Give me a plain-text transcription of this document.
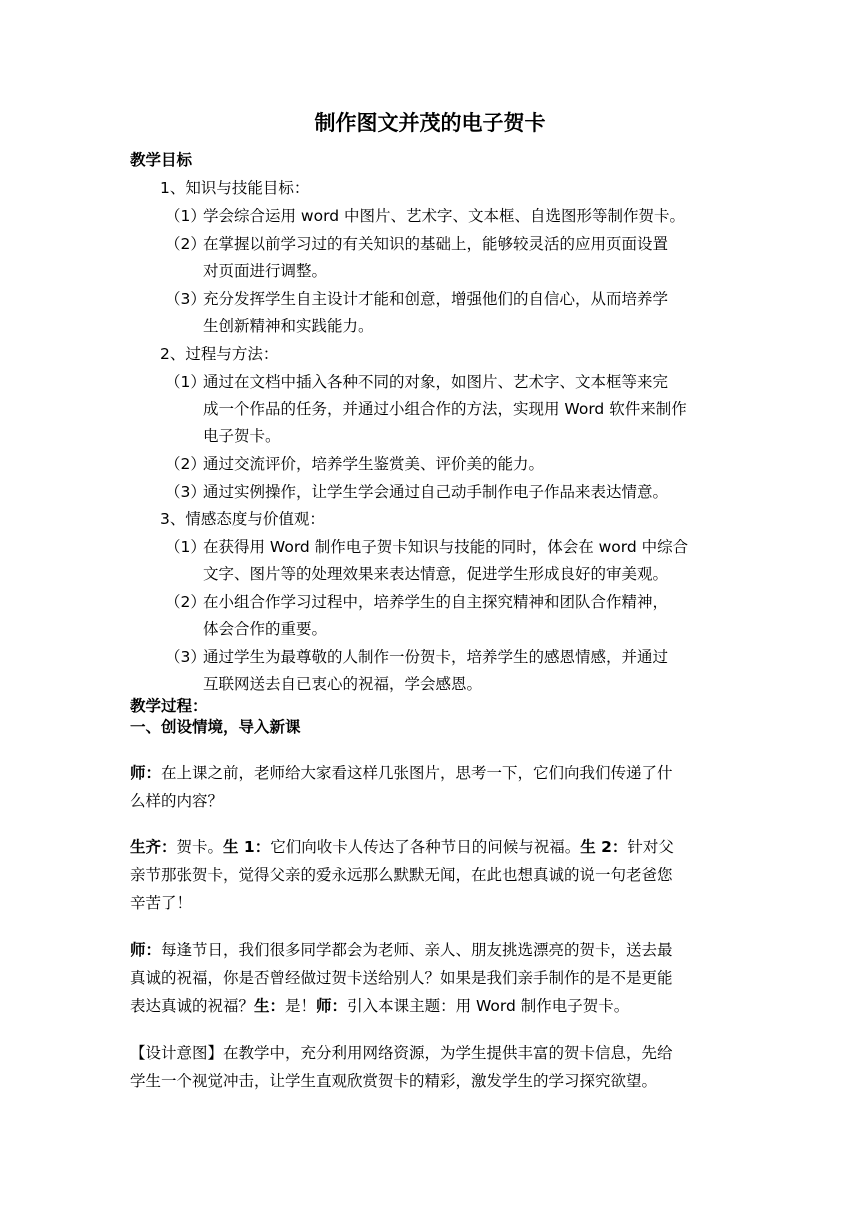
制作图文并茂的电子贺卡
教学目标
1、知识与技能目标：
（1）
学会综合运用 word 中图片、艺术字、文本框、自选图形等制作贺卡。
（2）
在掌握以前学习过的有关知识的基础上，能够较灵活的应用页面设置
对页面进行调整。
（3）
充分发挥学生自主设计才能和创意，增强他们的自信心，从而培养学
生创新精神和实践能力。
2、过程与方法：
（1）
通过在文档中插入各种不同的对象，如图片、艺术字、文本框等来完
成一个作品的任务，并通过小组合作的方法，实现用 Word 软件来制作
电子贺卡。
（2）
通过交流评价，培养学生鉴赏美、评价美的能力。
（3）
通过实例操作，让学生学会通过自己动手制作电子作品来表达情意。
3、情感态度与价值观：
（1）
在获得用 Word 制作电子贺卡知识与技能的同时，体会在 word 中综合
文字、图片等的处理效果来表达情意，促进学生形成良好的审美观。
（2）
在小组合作学习过程中，培养学生的自主探究精神和团队合作精神，
体会合作的重要。
（3）
通过学生为最尊敬的人制作一份贺卡，培养学生的感恩情感，并通过
互联网送去自已衷心的祝福，学会感恩。
教学过程：
一、创设情境，导入新课
师：在上课之前，老师给大家看这样几张图片，思考一下，它们向我们传递了什
么样的内容？
生齐：贺卡。生 1：它们向收卡人传达了各种节日的问候与祝福。生 2：针对父
亲节那张贺卡，觉得父亲的爱永远那么默默无闻，在此也想真诚的说一句老爸您
辛苦了！
师：每逢节日，我们很多同学都会为老师、亲人、朋友挑选漂亮的贺卡，送去最
真诚的祝福，你是否曾经做过贺卡送给别人？如果是我们亲手制作的是不是更能
表达真诚的祝福？生：是！师：引入本课主题：用 Word 制作电子贺卡。
【设计意图】在教学中，充分利用网络资源，为学生提供丰富的贺卡信息，先给
学生一个视觉冲击，让学生直观欣赏贺卡的精彩，激发学生的学习探究欲望。
